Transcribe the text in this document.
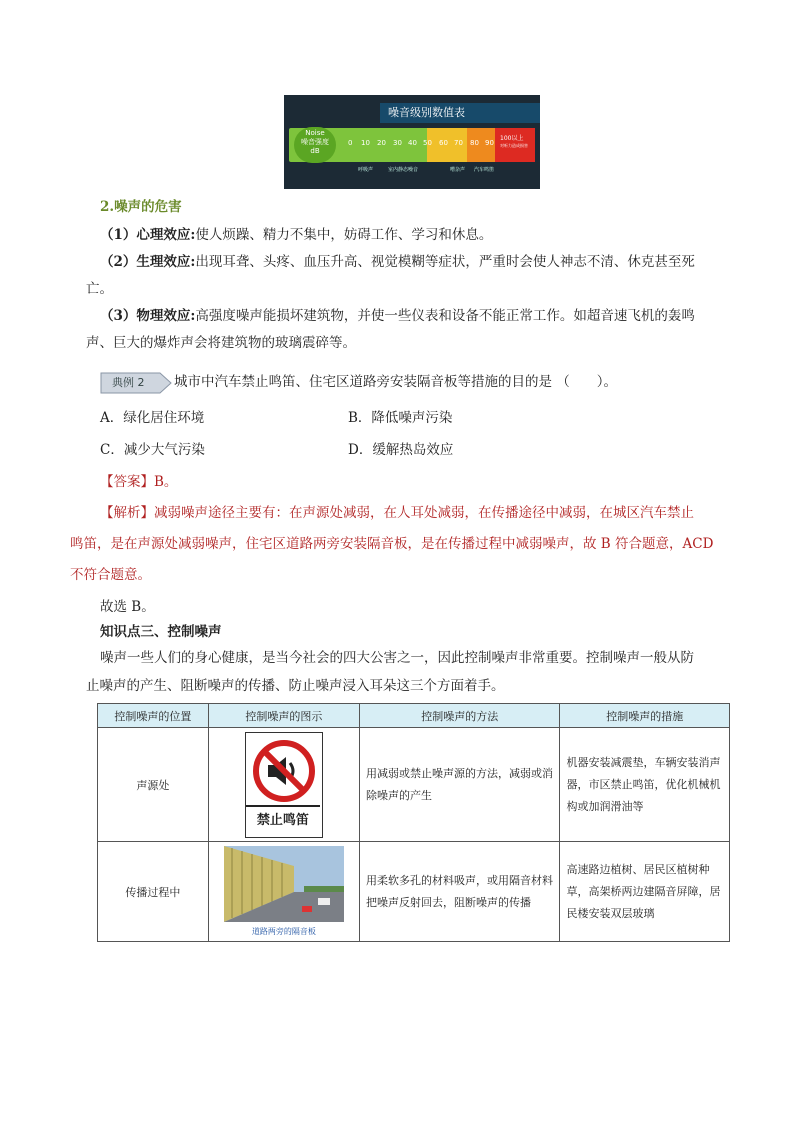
噪音级别数值表
Noise
噪音强度
dB
0 10 20 30 40 50 60 70 80 90
100以上
对听力造成损害
呼吸声	室内静态噪音	嘈杂声 汽车鸣笛
2.噪声的危害
（1）心理效应:使人烦躁、精力不集中，妨碍工作、学习和休息。
（2）生理效应:出现耳聋、头疼、血压升高、视觉模糊等症状，严重时会使人神志不清、休克甚至死
亡。
（3）物理效应:高强度噪声能损坏建筑物，并使一些仪表和设备不能正常工作。如超音速飞机的轰鸣
声、巨大的爆炸声会将建筑物的玻璃震碎等。
典例 2 城市中汽车禁止鸣笛、住宅区道路旁安装隔音板等措施的目的是 （　　）。
A．绿化居住环境	B．降低噪声污染
C．减少大气污染	D．缓解热岛效应
【答案】B。
【解析】减弱噪声途径主要有：在声源处减弱，在人耳处减弱，在传播途径中减弱，在城区汽车禁止
鸣笛，是在声源处减弱噪声，住宅区道路两旁安装隔音板，是在传播过程中减弱噪声，故 B 符合题意，ACD
不符合题意。
故选 B。
知识点三、控制噪声
噪声一些人们的身心健康，是当今社会的四大公害之一，因此控制噪声非常重要。控制噪声一般从防
止噪声的产生、阻断噪声的传播、防止噪声浸入耳朵这三个方面着手。
控制噪声的位置	控制噪声的图示	控制噪声的方法	控制噪声的措施
声源处	禁止鸣笛	用减弱或禁止噪声源的方法，减弱或消除噪声的产生	机器安装减震垫，车辆安装消声器，市区禁止鸣笛，优化机械机构或加润滑油等
传播过程中	道路两旁的隔音板	用柔软多孔的材料吸声，或用隔音材料把噪声反射回去，阻断噪声的传播	高速路边植树、居民区植树种草，高架桥两边建隔音屏障，居民楼安装双层玻璃
